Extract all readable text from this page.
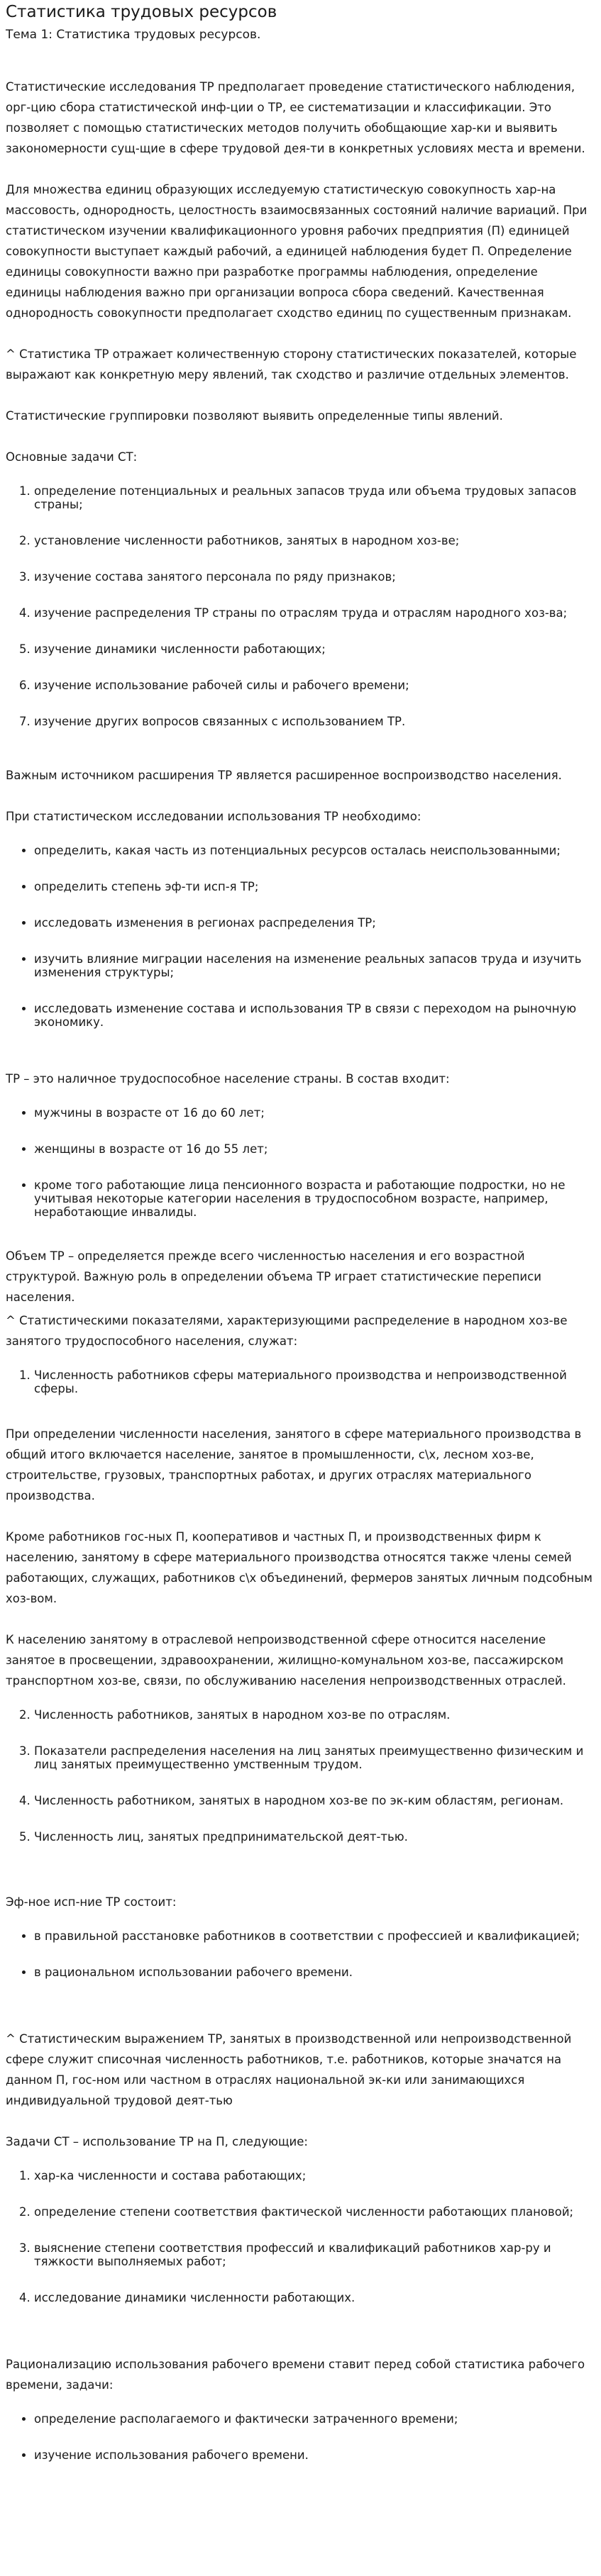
Статистика трудовых ресурсов
Тема 1: Статистика трудовых ресурсов.

Статистические исследования ТР предполагает проведение статистического наблюдения, орг-цию сбора статистической инф-ции о ТР, ее систематизации и классификации. Это позволяет с помощью статистических методов получить обобщающие хар-ки и выявить закономерности сущ-щие в сфере трудовой дея-ти в конкретных условиях места и времени.

Для множества единиц образующих исследуемую статистическую совокупность хар-на массовость, однородность, целостность взаимосвязанных состояний наличие вариаций. При статистическом изучении квалификационного уровня рабочих предприятия (П) единицей совокупности выступает каждый рабочий, а единицей наблюдения будет П. Определение единицы совокупности важно при разработке программы наблюдения, определение единицы наблюдения важно при организации вопроса сбора сведений. Качественная однородность совокупности предполагает сходство единиц по существенным признакам.

^ Статистика ТР отражает количественную сторону статистических показателей, которые выражают как конкретную меру явлений, так сходство и различие отдельных элементов.

Статистические группировки позволяют выявить определенные типы явлений.

Основные задачи СТ:

1. определение потенциальных и реальных запасов труда или объема трудовых запасов страны;
2. установление численности работников, занятых в народном хоз-ве;
3. изучение состава занятого персонала по ряду признаков;
4. изучение распределения ТР страны по отраслям труда и отраслям народного хоз-ва;
5. изучение динамики численности работающих;
6. изучение использование рабочей силы и рабочего времени;
7. изучение других вопросов связанных с использованием ТР.

Важным источником расширения ТР является расширенное воспроизводство населения.

При статистическом исследовании использования ТР необходимо:

• определить, какая часть из потенциальных ресурсов осталась неиспользованными;
• определить степень эф-ти исп-я ТР;
• исследовать изменения в регионах распределения ТР;
• изучить влияние миграции населения на изменение реальных запасов труда и изучить изменения структуры;
• исследовать изменение состава и использования ТР в связи с переходом на рыночную экономику.

ТР – это наличное трудоспособное население страны. В состав входит:

• мужчины в возрасте от 16 до 60 лет;
• женщины в возрасте от 16 до 55 лет;
• кроме того работающие лица пенсионного возраста и работающие подростки, но не учитывая некоторые категории населения в трудоспособном возрасте, например, неработающие инвалиды.

Объем ТР – определяется прежде всего численностью населения и его возрастной структурой. Важную роль в определении объема ТР играет статистические переписи населения.

^ Статистическими показателями, характеризующими распределение в народном хоз-ве занятого трудоспособного населения, служат:

1. Численность работников сферы материального производства и непроизводственной сферы.

При определении численности населения, занятого в сфере материального производства в общий итого включается население, занятое в промышленности, с\х, лесном хоз-ве, строительстве, грузовых, транспортных работах, и других отраслях материального производства.

Кроме работников гос-ных П, кооперативов и частных П, и производственных фирм к населению, занятому в сфере материального производства относятся также члены семей работающих, служащих, работников с\х объединений, фермеров занятых личным подсобным хоз-вом.

К населению занятому в отраслевой непроизводственной сфере относится население занятое в просвещении, здравоохранении, жилищно-комунальном хоз-ве, пассажирском транспортном хоз-ве, связи, по обслуживанию населения непроизводственных отраслей.

2. Численность работников, занятых в народном хоз-ве по отраслям.
3. Показатели распределения населения на лиц занятых преимущественно физическим и лиц занятых преимущественно умственным трудом.
4. Численность работником, занятых в народном хоз-ве по эк-ким областям, регионам.
5. Численность лиц, занятых предпринимательской деят-тью.

Эф-ное исп-ние ТР состоит:

• в правильной расстановке работников в соответствии с профессией и квалификацией;
• в рациональном использовании рабочего времени.

^ Статистическим выражением ТР, занятых в производственной или непроизводственной сфере служит списочная численность работников, т.е. работников, которые значатся на данном П, гос-ном или частном в отраслях национальной эк-ки или занимающихся индивидуальной трудовой деят-тью

Задачи СТ – использование ТР на П, следующие:

1. хар-ка численности и состава работающих;
2. определение степени соответствия фактической численности работающих плановой;
3. выяснение степени соответствия профессий и квалификаций работников хар-ру и тяжкости выполняемых работ;
4. исследование динамики численности работающих.

Рационализацию использования рабочего времени ставит перед собой статистика рабочего времени, задачи:

• определение располагаемого и фактически затраченного времени;
• изучение использования рабочего времени.
